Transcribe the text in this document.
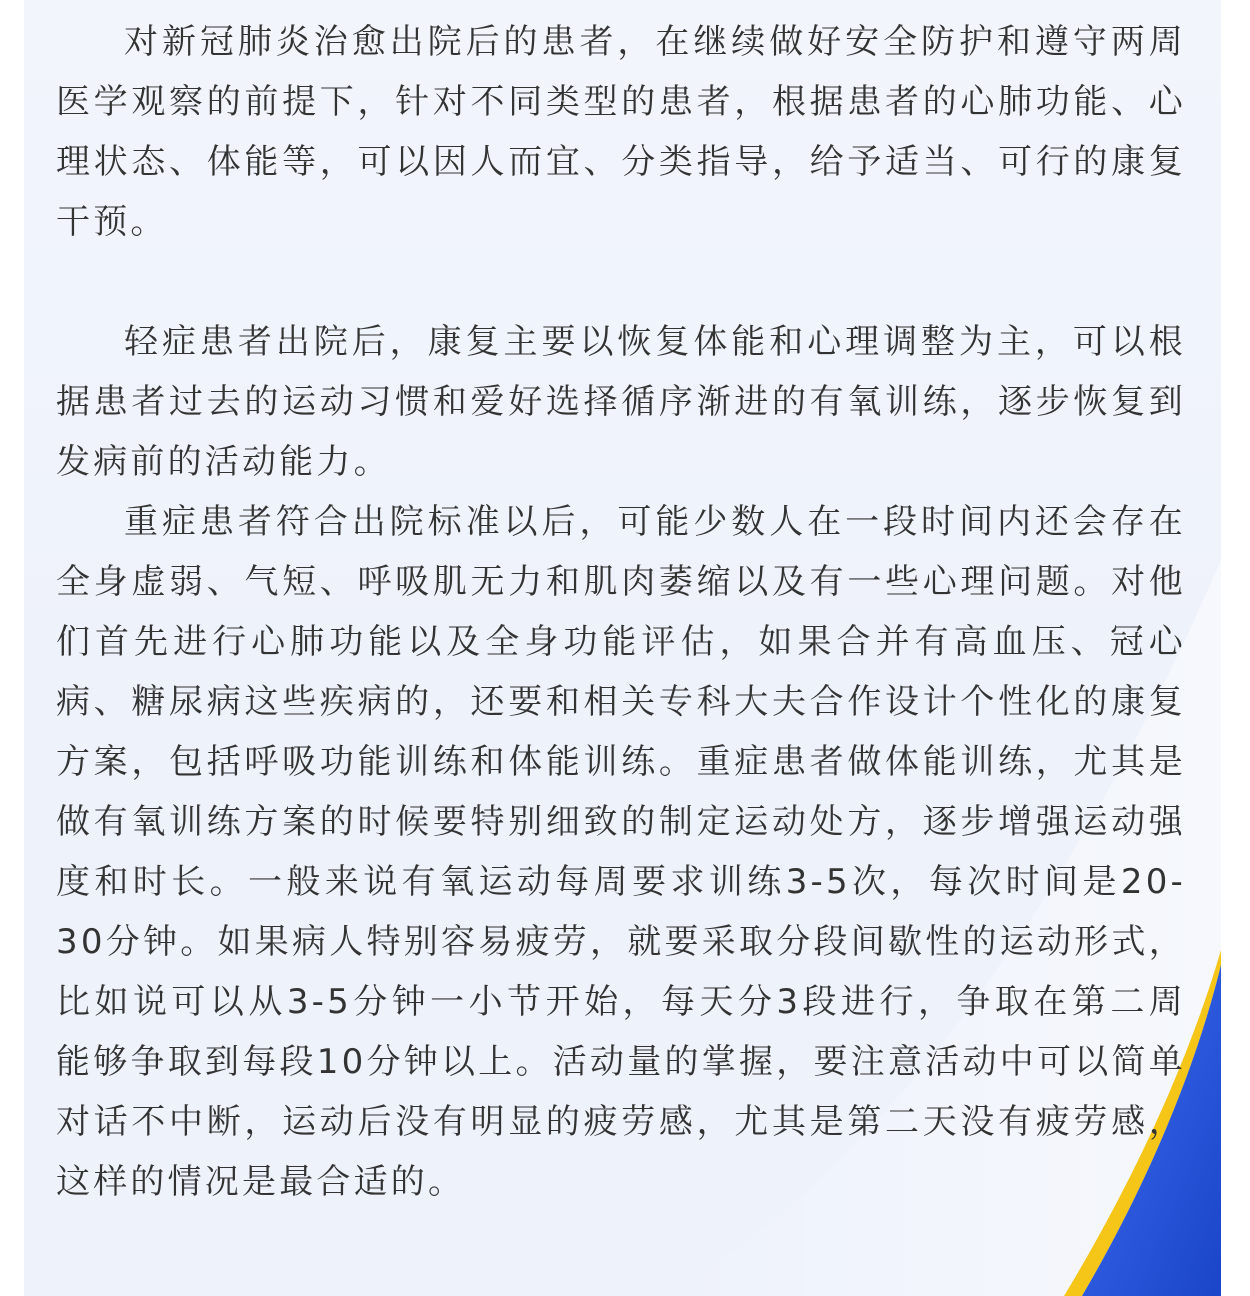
对新冠肺炎治愈出院后的患者，在继续做好安全防护和遵守两周医学观察的前提下，针对不同类型的患者，根据患者的心肺功能、心理状态、体能等，可以因人而宜、分类指导，给予适当、可行的康复干预。

轻症患者出院后，康复主要以恢复体能和心理调整为主，可以根据患者过去的运动习惯和爱好选择循序渐进的有氧训练，逐步恢复到发病前的活动能力。

重症患者符合出院标准以后，可能少数人在一段时间内还会存在全身虚弱、气短、呼吸肌无力和肌肉萎缩以及有一些心理问题。对他们首先进行心肺功能以及全身功能评估，如果合并有高血压、冠心病、糖尿病这些疾病的，还要和相关专科大夫合作设计个性化的康复方案，包括呼吸功能训练和体能训练。重症患者做体能训练，尤其是做有氧训练方案的时候要特别细致的制定运动处方，逐步增强运动强度和时长。一般来说有氧运动每周要求训练3-5次，每次时间是20-30分钟。如果病人特别容易疲劳，就要采取分段间歇性的运动形式，比如说可以从3-5分钟一小节开始，每天分3段进行，争取在第二周能够争取到每段10分钟以上。活动量的掌握，要注意活动中可以简单对话不中断，运动后没有明显的疲劳感，尤其是第二天没有疲劳感，这样的情况是最合适的。
